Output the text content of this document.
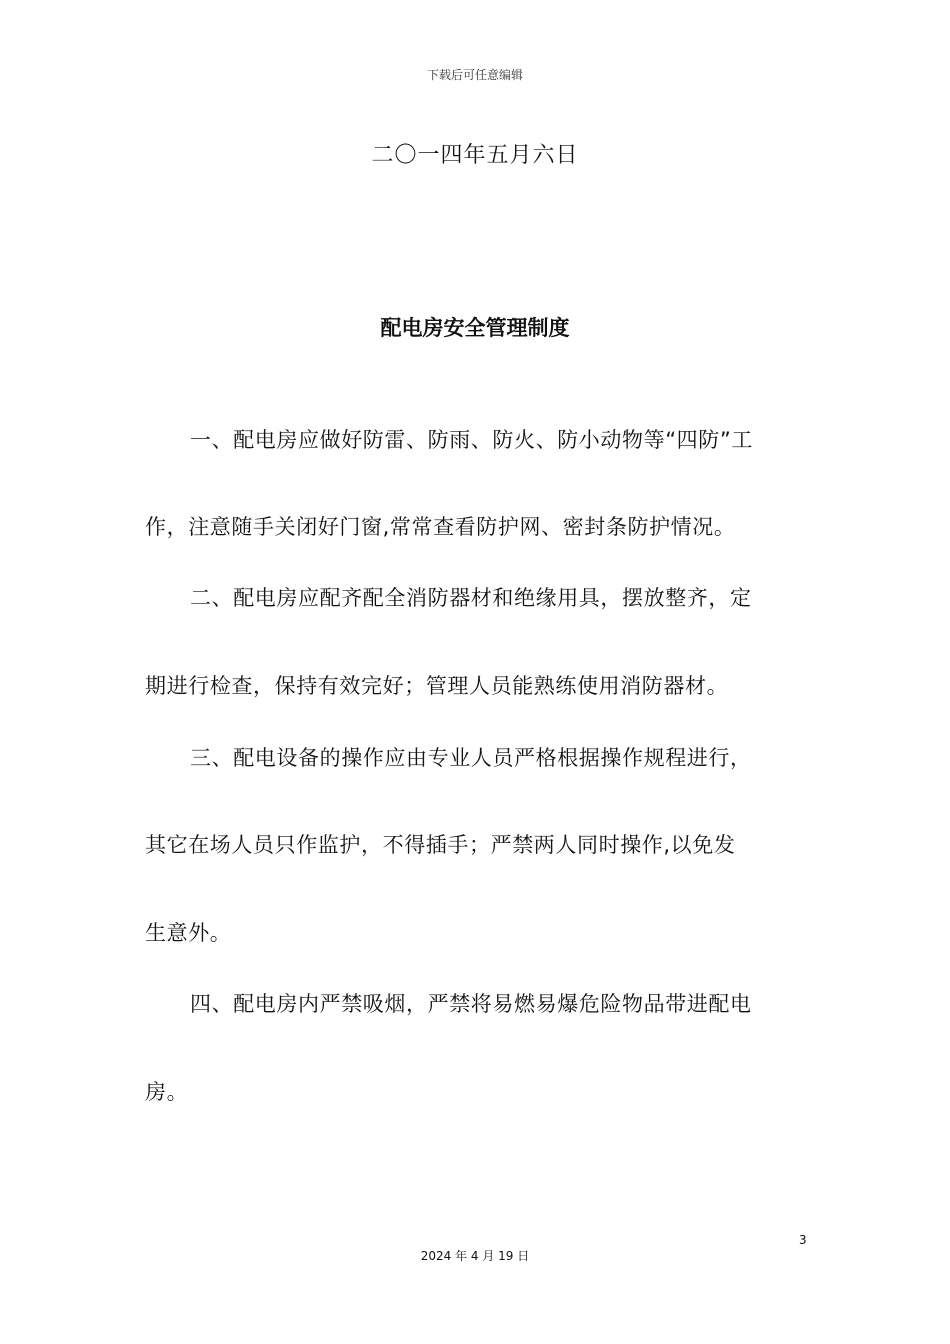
下载后可任意编辑
二〇一四年五月六日
配电房安全管理制度
一、配电房应做好防雷、防雨、防火、防小动物等“四防”工
作，注意随手关闭好门窗,常常查看防护网、密封条防护情况。
二、配电房应配齐配全消防器材和绝缘用具，摆放整齐，定
期进行检查，保持有效完好；管理人员能熟练使用消防器材。
三、配电设备的操作应由专业人员严格根据操作规程进行，
其它在场人员只作监护，不得插手；严禁两人同时操作,以免发
生意外。
四、配电房内严禁吸烟，严禁将易燃易爆危险物品带进配电
房。
3
2024 年 4 月 19 日
